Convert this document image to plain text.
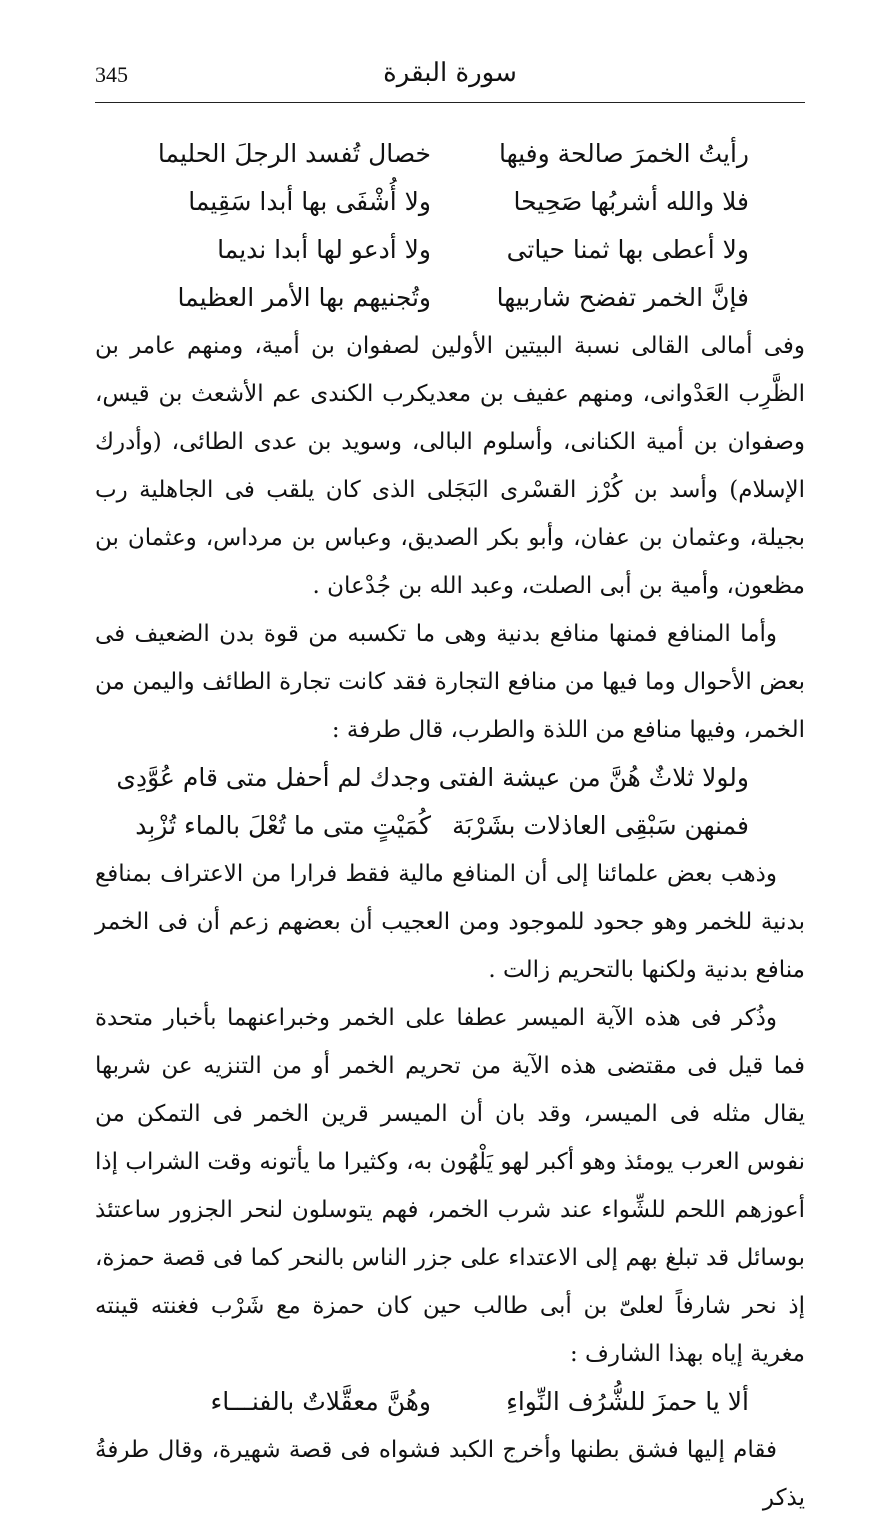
345	سورة البقرة
رأيتُ الخمرَ صالحة وفيها
خصال تُفسد الرجلَ الحليما
فلا والله أشربُها صَحِيحا
ولا أُشْفَى بها أبدا سَقِيما
ولا أعطى بها ثمنا حياتى
ولا أدعو لها أبدا نديما
فإنَّ الخمر تفضح شاربيها
وتُجنيهم بها الأمر العظيما

وفى أمالى القالى نسبة البيتين الأولين لصفوان بن أمية، ومنهم عامر بن الظَّرِب العَدْوانى، ومنهم عفيف بن معديكرب الكندى عم الأشعث بن قيس، وصفوان بن أمية الكنانى، وأسلوم البالى، وسويد بن عدى الطائى، (وأدرك الإسلام) وأسد بن كُرْز القسْرى البَجَلى الذى كان يلقب فى الجاهلية رب بجيلة، وعثمان بن عفان، وأبو بكر الصديق، وعباس بن مرداس، وعثمان بن مظعون، وأمية بن أبى الصلت، وعبد الله بن جُدْعان .

وأما المنافع فمنها منافع بدنية وهى ما تكسبه من قوة بدن الضعيف فى بعض الأحوال وما فيها من منافع التجارة فقد كانت تجارة الطائف واليمن من الخمر، وفيها منافع من اللذة والطرب، قال طرفة :

ولولا ثلاثٌ هُنَّ من عيشة الفتى
وجدك لم أحفل متى قام عُوَّدِى
فمنهن سَبْقِى العاذلات بشَرْبَة
كُمَيْتٍ متى ما تُعْلَ بالماء تُزْبِد

وذهب بعض علمائنا إلى أن المنافع مالية فقط فرارا من الاعتراف بمنافع بدنية للخمر وهو جحود للموجود ومن العجيب أن بعضهم زعم أن فى الخمر منافع بدنية ولكنها بالتحريم زالت .

وذُكر فى هذه الآية الميسر عطفا على الخمر وخبراعنهما بأخبار متحدة فما قيل فى مقتضى هذه الآية من تحريم الخمر أو من التنزيه عن شربها يقال مثله فى الميسر، وقد بان أن الميسر قرين الخمر فى التمكن من نفوس العرب يومئذ وهو أكبر لهو يَلْهُون به، وكثيرا ما يأتونه وقت الشراب إذا أعوزهم اللحم للشِّواء عند شرب الخمر، فهم يتوسلون لنحر الجزور ساعتئذ بوسائل قد تبلغ بهم إلى الاعتداء على جزر الناس بالنحر كما فى قصة حمزة، إذ نحر شارفاً لعلىّ بن أبى طالب حين كان حمزة مع شَرْب فغنته قينته مغرية إياه بهذا الشارف :

ألا يا حمزَ للشُّرُف النِّواءِ
وهُنَّ معقَّلاتٌ بالفنـــاء

فقام إليها فشق بطنها وأخرج الكبد فشواه فى قصة شهيرة، وقال طرفةُ يذكر
